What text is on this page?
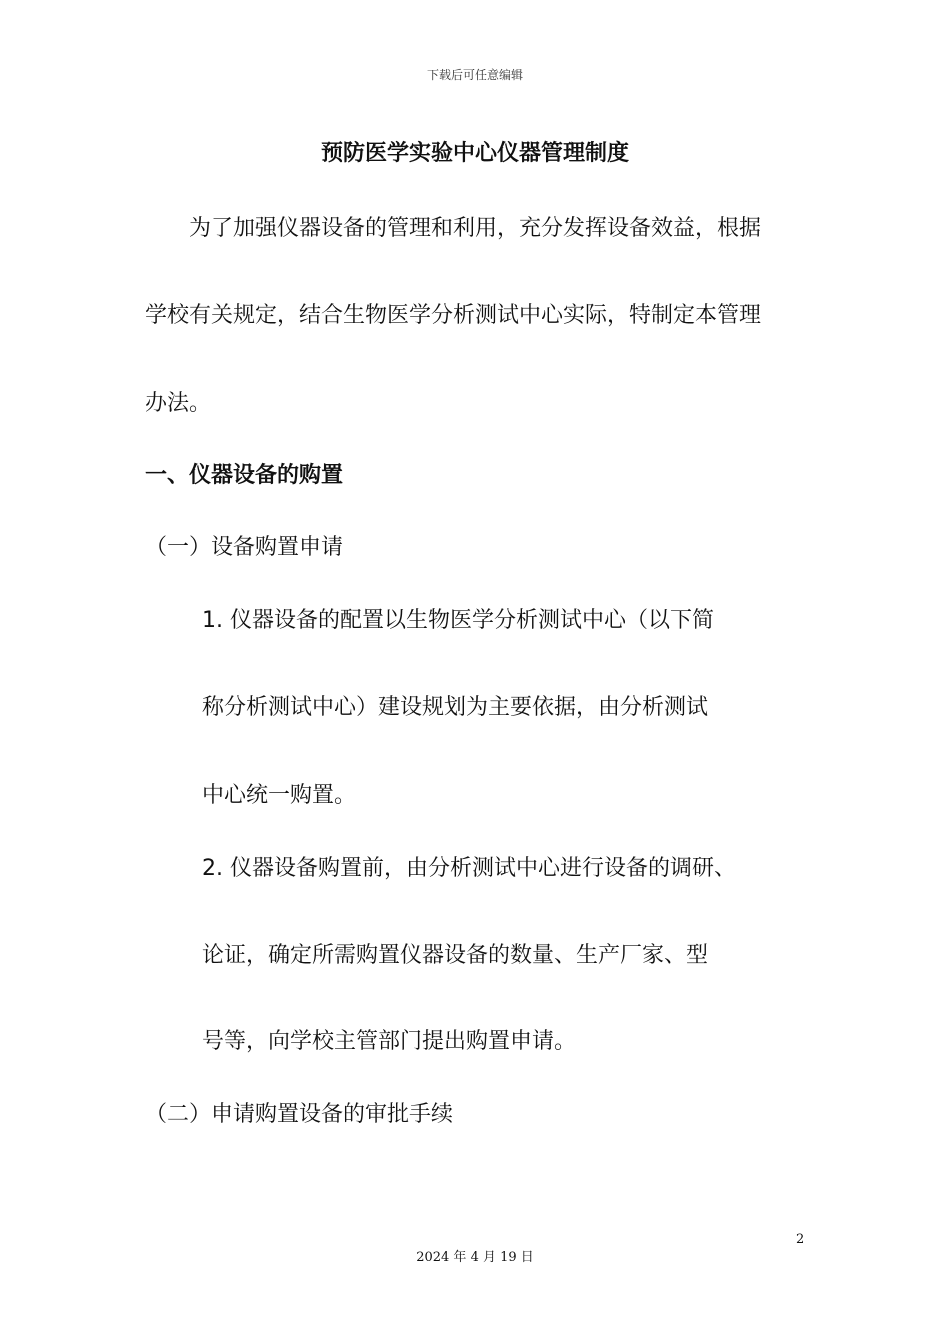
下载后可任意编辑
预防医学实验中心仪器管理制度
　　为了加强仪器设备的管理和利用，充分发挥设备效益，根据
学校有关规定，结合生物医学分析测试中心实际，特制定本管理
办法。
一、仪器设备的购置
（一）设备购置申请
1. 仪器设备的配置以生物医学分析测试中心（以下简
称分析测试中心）建设规划为主要依据，由分析测试
中心统一购置。
2. 仪器设备购置前，由分析测试中心进行设备的调研、
论证，确定所需购置仪器设备的数量、生产厂家、型
号等，向学校主管部门提出购置申请。
（二）申请购置设备的审批手续
2
2024 年 4 月 19 日
